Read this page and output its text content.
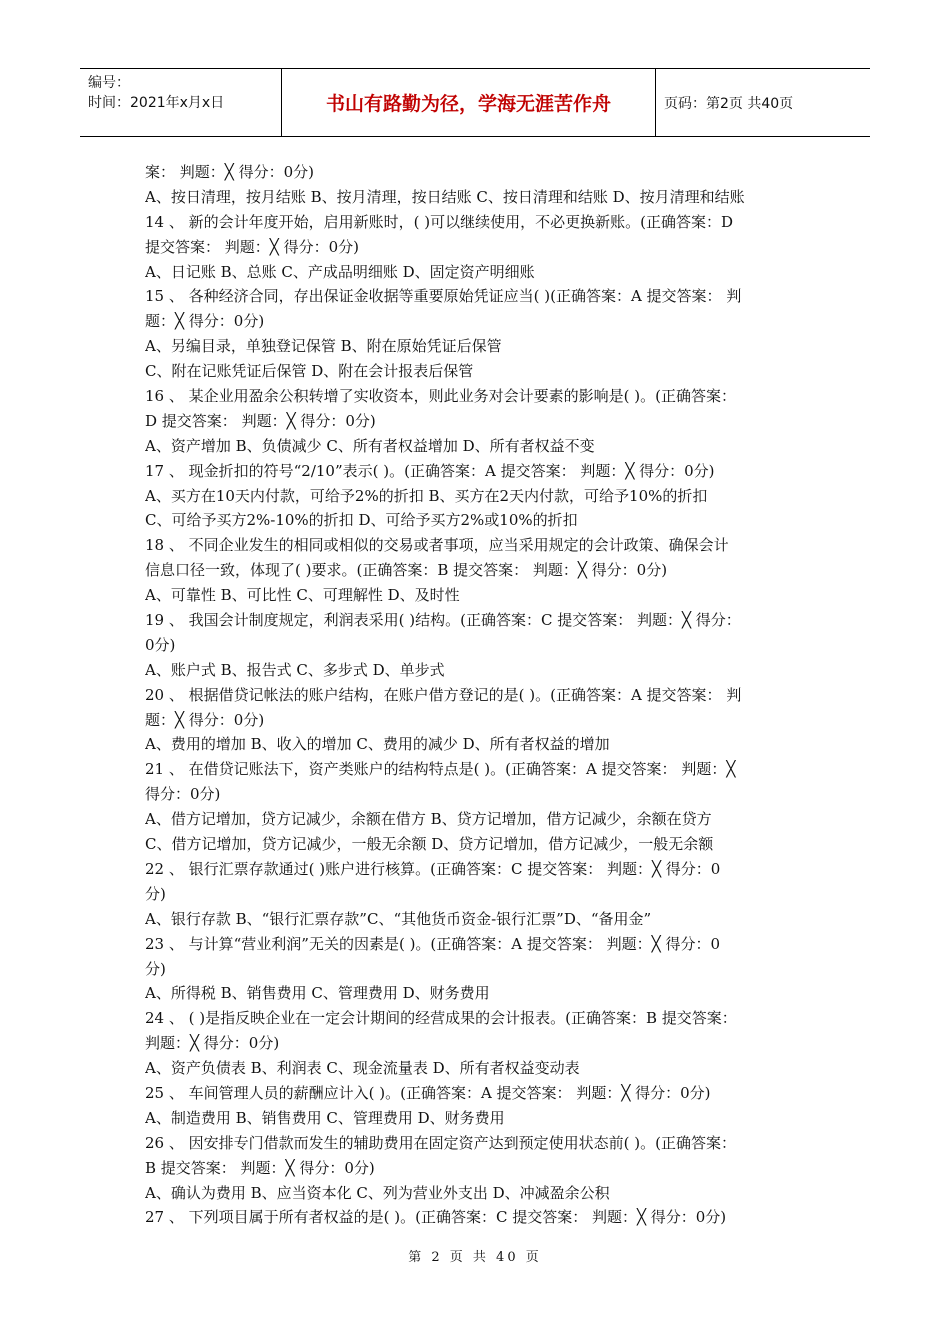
编号：
时间：2021年x月x日	书山有路勤为径，学海无涯苦作舟	页码：第2页 共40页
案： 判题：╳ 得分：0分)
A、按日清理，按月结账 B、按月清理，按日结账 C、按日清理和结账 D、按月清理和结账
14 、 新的会计年度开始，启用新账时，( )可以继续使用，不必更换新账。(正确答案：D
提交答案： 判题：╳ 得分：0分)
A、日记账 B、总账 C、产成品明细账 D、固定资产明细账
15 、 各种经济合同，存出保证金收据等重要原始凭证应当( )(正确答案：A 提交答案： 判
题：╳ 得分：0分)
A、另编目录，单独登记保管 B、附在原始凭证后保管
C、附在记账凭证后保管 D、附在会计报表后保管
16 、 某企业用盈余公积转增了实收资本，则此业务对会计要素的影响是( )。(正确答案：
D 提交答案： 判题：╳ 得分：0分)
A、资产增加 B、负债减少 C、所有者权益增加 D、所有者权益不变
17 、 现金折扣的符号“2/10”表示( )。(正确答案：A 提交答案： 判题：╳ 得分：0分)
A、买方在10天内付款，可给予2%的折扣 B、买方在2天内付款，可给予10%的折扣
C、可给予买方2%-10%的折扣 D、可给予买方2%或10%的折扣
18 、 不同企业发生的相同或相似的交易或者事项，应当采用规定的会计政策、确保会计
信息口径一致，体现了( )要求。(正确答案：B 提交答案： 判题：╳ 得分：0分)
A、可靠性 B、可比性 C、可理解性 D、及时性
19 、 我国会计制度规定，利润表采用( )结构。(正确答案：C 提交答案： 判题：╳ 得分：
0分)
A、账户式 B、报告式 C、多步式 D、单步式
20 、 根据借贷记帐法的账户结构，在账户借方登记的是( )。(正确答案：A 提交答案： 判
题：╳ 得分：0分)
A、费用的增加 B、收入的增加 C、费用的减少 D、所有者权益的增加
21 、 在借贷记账法下，资产类账户的结构特点是( )。(正确答案：A 提交答案： 判题：╳
得分：0分)
A、借方记增加，贷方记减少，余额在借方 B、贷方记增加，借方记减少，余额在贷方
C、借方记增加，贷方记减少，一般无余额 D、贷方记增加，借方记减少，一般无余额
22 、 银行汇票存款通过( )账户进行核算。(正确答案：C 提交答案： 判题：╳ 得分：0
分)
A、银行存款 B、“银行汇票存款”C、“其他货币资金-银行汇票”D、“备用金”
23 、 与计算“营业利润”无关的因素是( )。(正确答案：A 提交答案： 判题：╳ 得分：0
分)
A、所得税 B、销售费用 C、管理费用 D、财务费用
24 、 ( )是指反映企业在一定会计期间的经营成果的会计报表。(正确答案：B 提交答案：
判题：╳ 得分：0分)
A、资产负债表 B、利润表 C、现金流量表 D、所有者权益变动表
25 、 车间管理人员的薪酬应计入( )。(正确答案：A 提交答案： 判题：╳ 得分：0分)
A、制造费用 B、销售费用 C、管理费用 D、财务费用
26 、 因安排专门借款而发生的辅助费用在固定资产达到预定使用状态前( )。(正确答案：
B 提交答案： 判题：╳ 得分：0分)
A、确认为费用 B、应当资本化 C、列为营业外支出 D、冲减盈余公积
27 、 下列项目属于所有者权益的是( )。(正确答案：C 提交答案： 判题：╳ 得分：0分)
第 2 页 共 40 页
